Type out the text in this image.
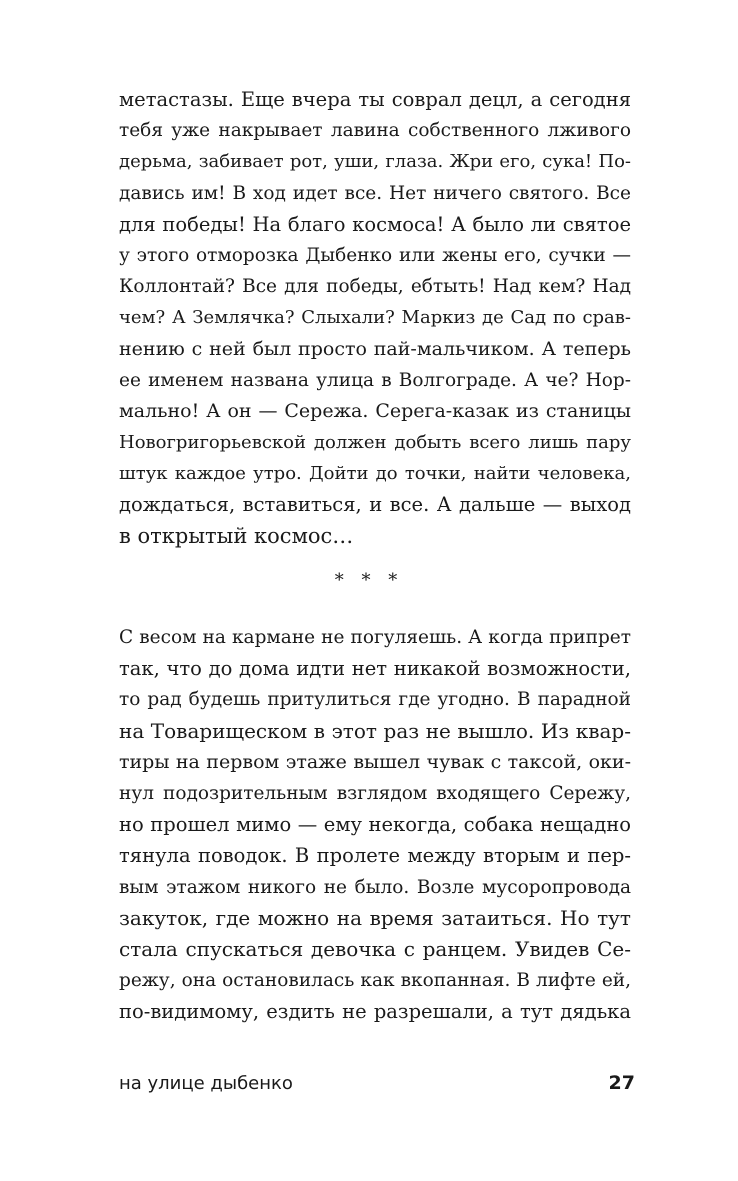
метастазы. Еще вчера ты соврал децл, а сегодня
тебя уже накрывает лавина собственного лживого
дерьма, забивает рот, уши, глаза. Жри его, сука! По-
давись им! В ход идет все. Нет ничего святого. Все
для победы! На благо космоса! А было ли святое
у этого отморозка Дыбенко или жены его, сучки —
Коллонтай? Все для победы, ебтыть! Над кем? Над
чем? А Землячка? Слыхали? Маркиз де Сад по срав-
нению с ней был просто пай-мальчиком. А теперь
ее именем названа улица в Волгограде. А че? Нор-
мально! А он — Сережа. Серега-казак из станицы
Новогригорьевской должен добыть всего лишь пару
штук каждое утро. Дойти до точки, найти человека,
дождаться, вставиться, и все. А дальше — выход
в открытый космос…
* * *
С весом на кармане не погуляешь. А когда припрет
так, что до дома идти нет никакой возможности,
то рад будешь притулиться где угодно. В парадной
на Товарищеском в этот раз не вышло. Из квар-
тиры на первом этаже вышел чувак с таксой, оки-
нул подозрительным взглядом входящего Сережу,
но прошел мимо — ему некогда, собака нещадно
тянула поводок. В пролете между вторым и пер-
вым этажом никого не было. Возле мусоропровода
закуток, где можно на время затаиться. Но тут
стала спускаться девочка с ранцем. Увидев Се-
режу, она остановилась как вкопанная. В лифте ей,
по-видимому, ездить не разрешали, а тут дядька
на улице дыбенко	27
